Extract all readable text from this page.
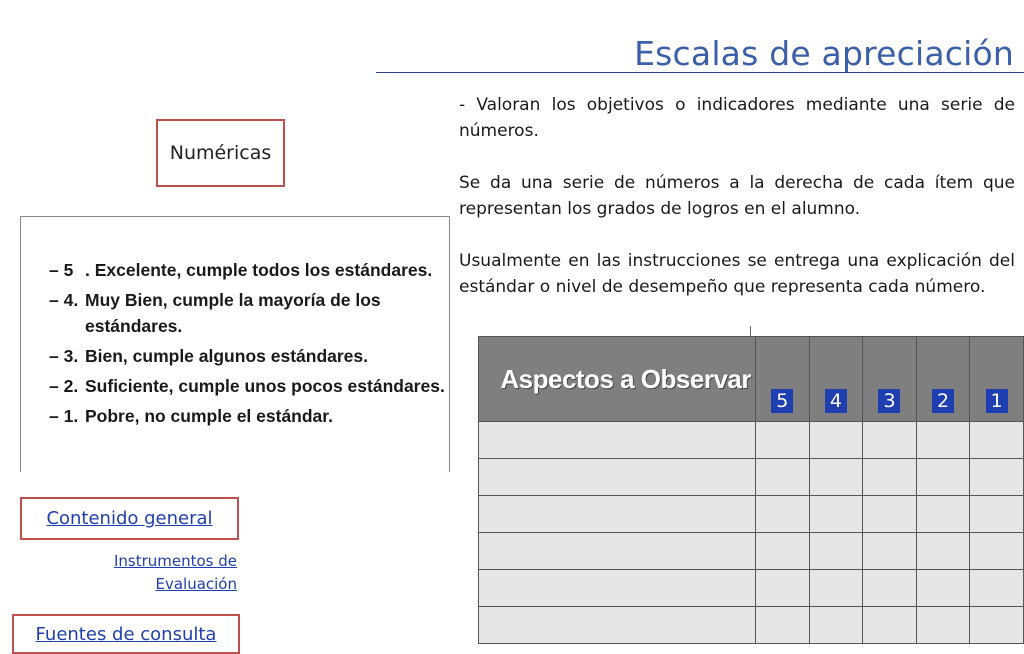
Escalas de apreciación
Numéricas
– 5 . Excelente, cumple todos los estándares.
– 4. Muy Bien, cumple la mayoría de los estándares.
– 3. Bien, cumple algunos estándares.
– 2. Suficiente, cumple unos pocos estándares.
– 1. Pobre, no cumple el estándar.

- Valoran los objetivos o indicadores mediante una serie de números.

Se da una serie de números a la derecha de cada ítem que representan los grados de logros en el alumno.

Usualmente en las instrucciones se entrega una explicación del estándar o nivel de desempeño que representa cada número.

Contenido general
Instrumentos de Evaluación
Fuentes de consulta
Aspectos a Observar	5	4	3	2	1
